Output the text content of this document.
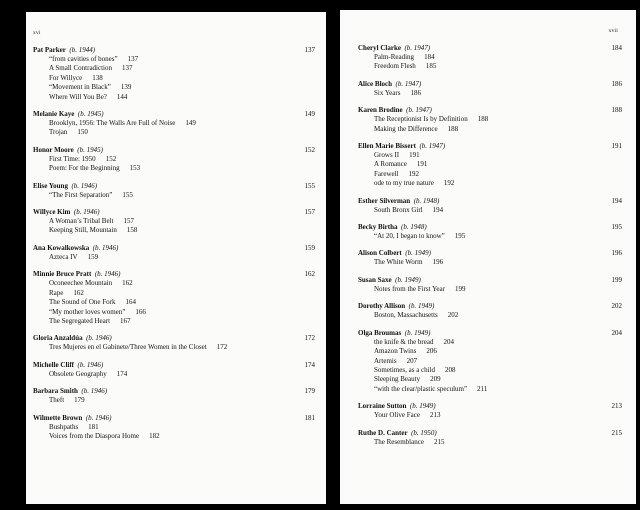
xvi
Pat Parker (b. 1944)	137
“from cavities of bones” 137
A Small Contradiction 137
For Willyce 138
“Movement in Black” 139
Where Will You Be? 144
Melanie Kaye (b. 1945)	149
Brooklyn, 1956: The Walls Are Full of Noise 149
Trojan 150
Honor Moore (b. 1945)	152
First Time: 1950 152
Poem: For the Beginning 153
Elise Young (b. 1946)	155
“The First Separation” 155
Willyce Kim (b. 1946)	157
A Woman’s Tribal Belt 157
Keeping Still, Mountain 158
Ana Kowalkowska (b. 1946)	159
Azteca IV 159
Minnie Bruce Pratt (b. 1946)	162
Oconeechee Mountain 162
Rape 162
The Sound of One Fork 164
“My mother loves women” 166
The Segregated Heart 167
Gloria Anzaldúa (b. 1946)	172
Tres Mujeres en el Gabinete/Three Women in the Closet 172
Michelle Cliff (b. 1946)	174
Obsolete Geography 174
Barbara Smith (b. 1946)	179
Theft 179
Wilmette Brown (b. 1946)	181
Bushpaths 181
Voices from the Diaspora Home 182
xvii
Cheryl Clarke (b. 1947)	184
Palm-Reading 184
Freedom Flesh 185
Alice Bloch (b. 1947)	186
Six Years 186
Karen Brodine (b. 1947)	188
The Receptionist Is by Definition 188
Making the Difference 188
Ellen Marie Bissert (b. 1947)	191
Grows II 191
A Romance 191
Farewell 192
ode to my true nature 192
Esther Silverman (b. 1948)	194
South Bronx Girl 194
Becky Birtha (b. 1948)	195
“At 20, I began to know” 195
Alison Colbert (b. 1949)	196
The White Worm 196
Susan Saxe (b. 1949)	199
Notes from the First Year 199
Dorothy Allison (b. 1949)	202
Boston, Massachusetts 202
Olga Broumas (b. 1949)	204
the knife & the bread 204
Amazon Twins 206
Artemis 207
Sometimes, as a child 208
Sleeping Beauty 209
“with the clear/plastic speculum” 211
Lorraine Sutton (b. 1949)	213
Your Olive Face 213
Ruthe D. Canter (b. 1950)	215
The Resemblance 215
